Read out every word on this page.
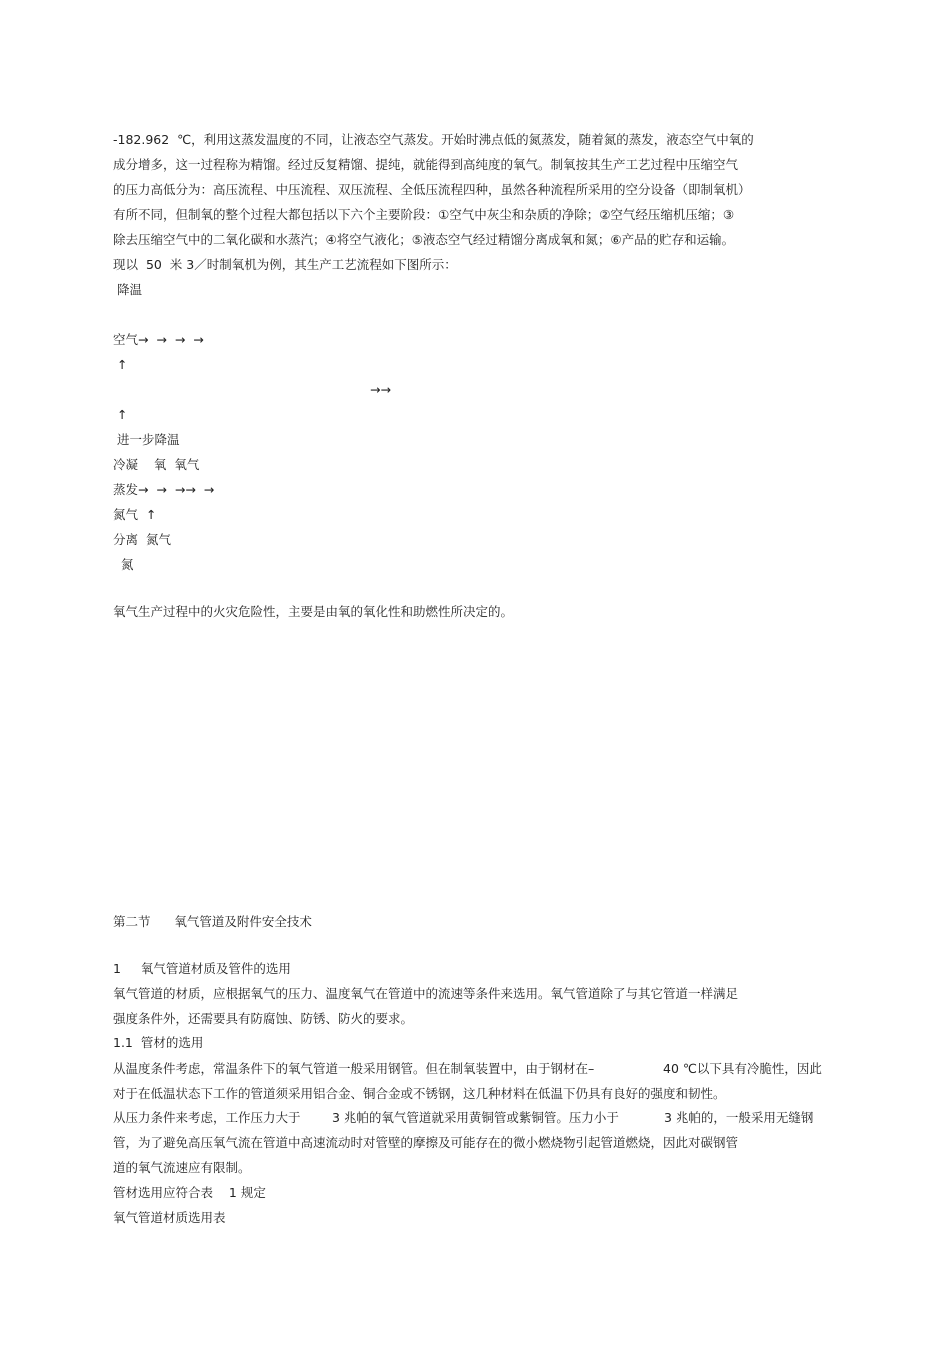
-182.962  ℃，利用这蒸发温度的不同，让液态空气蒸发。开始时沸点低的氮蒸发，随着氮的蒸发，液态空气中氧的
成分增多，这一过程称为精馏。经过反复精馏、提纯，就能得到高纯度的氧气。制氧按其生产工艺过程中压缩空气
的压力高低分为：高压流程、中压流程、双压流程、全低压流程四种，虽然各种流程所采用的空分设备（即制氧机）
有所不同，但制氧的整个过程大都包括以下六个主要阶段：①空气中灰尘和杂质的净除；②空气经压缩机压缩；③
除去压缩空气中的二氧化碳和水蒸汽；④将空气液化；⑤液态空气经过精馏分离成氧和氮；⑥产品的贮存和运输。
现以  50  米 3／时制氧机为例，其生产工艺流程如下图所示：
降温
空气→  →  →  →
↑
→→
↑
进一步降温
冷凝    氧  氧气
蒸发→  →  →→  →
氮气  ↑
分离  氮气
氮
氧气生产过程中的火灾危险性，主要是由氧的氧化性和助燃性所决定的。
第二节      氧气管道及附件安全技术
1     氧气管道材质及管件的选用
氧气管道的材质，应根据氧气的压力、温度氧气在管道中的流速等条件来选用。氧气管道除了与其它管道一样满足
强度条件外，还需要具有防腐蚀、防锈、防火的要求。
1.1  管材的选用
从温度条件考虑，常温条件下的氧气管道一般采用钢管。但在制氧装置中，由于钢材在–	40 ℃以下具有冷脆性，因此
对于在低温状态下工作的管道须采用铝合金、铜合金或不锈钢，这几种材料在低温下仍具有良好的强度和韧性。
从压力条件来考虑，工作压力大于	3 兆帕的氧气管道就采用黄铜管或紫铜管。压力小于	3 兆帕的，一般采用无缝钢
管，为了避免高压氧气流在管道中高速流动时对管壁的摩擦及可能存在的微小燃烧物引起管道燃烧，因此对碳钢管
道的氧气流速应有限制。
管材选用应符合表    1 规定
氧气管道材质选用表
